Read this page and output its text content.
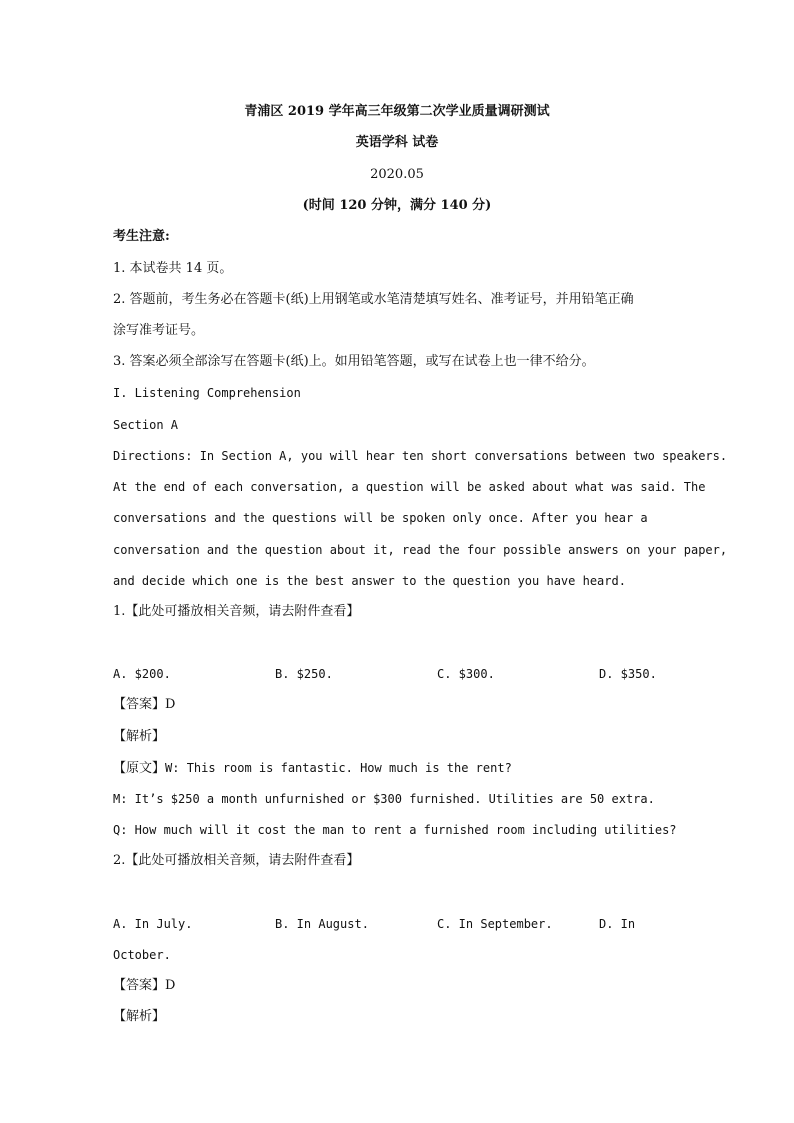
青浦区 2019 学年高三年级第二次学业质量调研测试
英语学科 试卷
2020.05
(时间 120 分钟，满分 140 分)
考生注意:
1. 本试卷共 14 页。
2. 答题前，考生务必在答题卡(纸)上用钢笔或水笔清楚填写姓名、准考证号，并用铅笔正确
涂写准考证号。
3. 答案必须全部涂写在答题卡(纸)上。如用铅笔答题，或写在试卷上也一律不给分。
I. Listening Comprehension
Section A
Directions: In Section A, you will hear ten short conversations between two speakers.
At the end of each conversation, a question will be asked about what was said. The
conversations and the questions will be spoken only once. After you hear a
conversation and the question about it, read the four possible answers on your paper,
and decide which one is the best answer to the question you have heard.
1.【此处可播放相关音频，请去附件查看】
A. $200.	B. $250.	C. $300.	D. $350.
【答案】D
【解析】
【原文】W: This room is fantastic. How much is the rent?
M: It’s $250 a month unfurnished or $300 furnished. Utilities are 50 extra.
Q: How much will it cost the man to rent a furnished room including utilities?
2.【此处可播放相关音频，请去附件查看】
A. In July.	B. In August.	C. In September.	D. In
October.
【答案】D
【解析】
